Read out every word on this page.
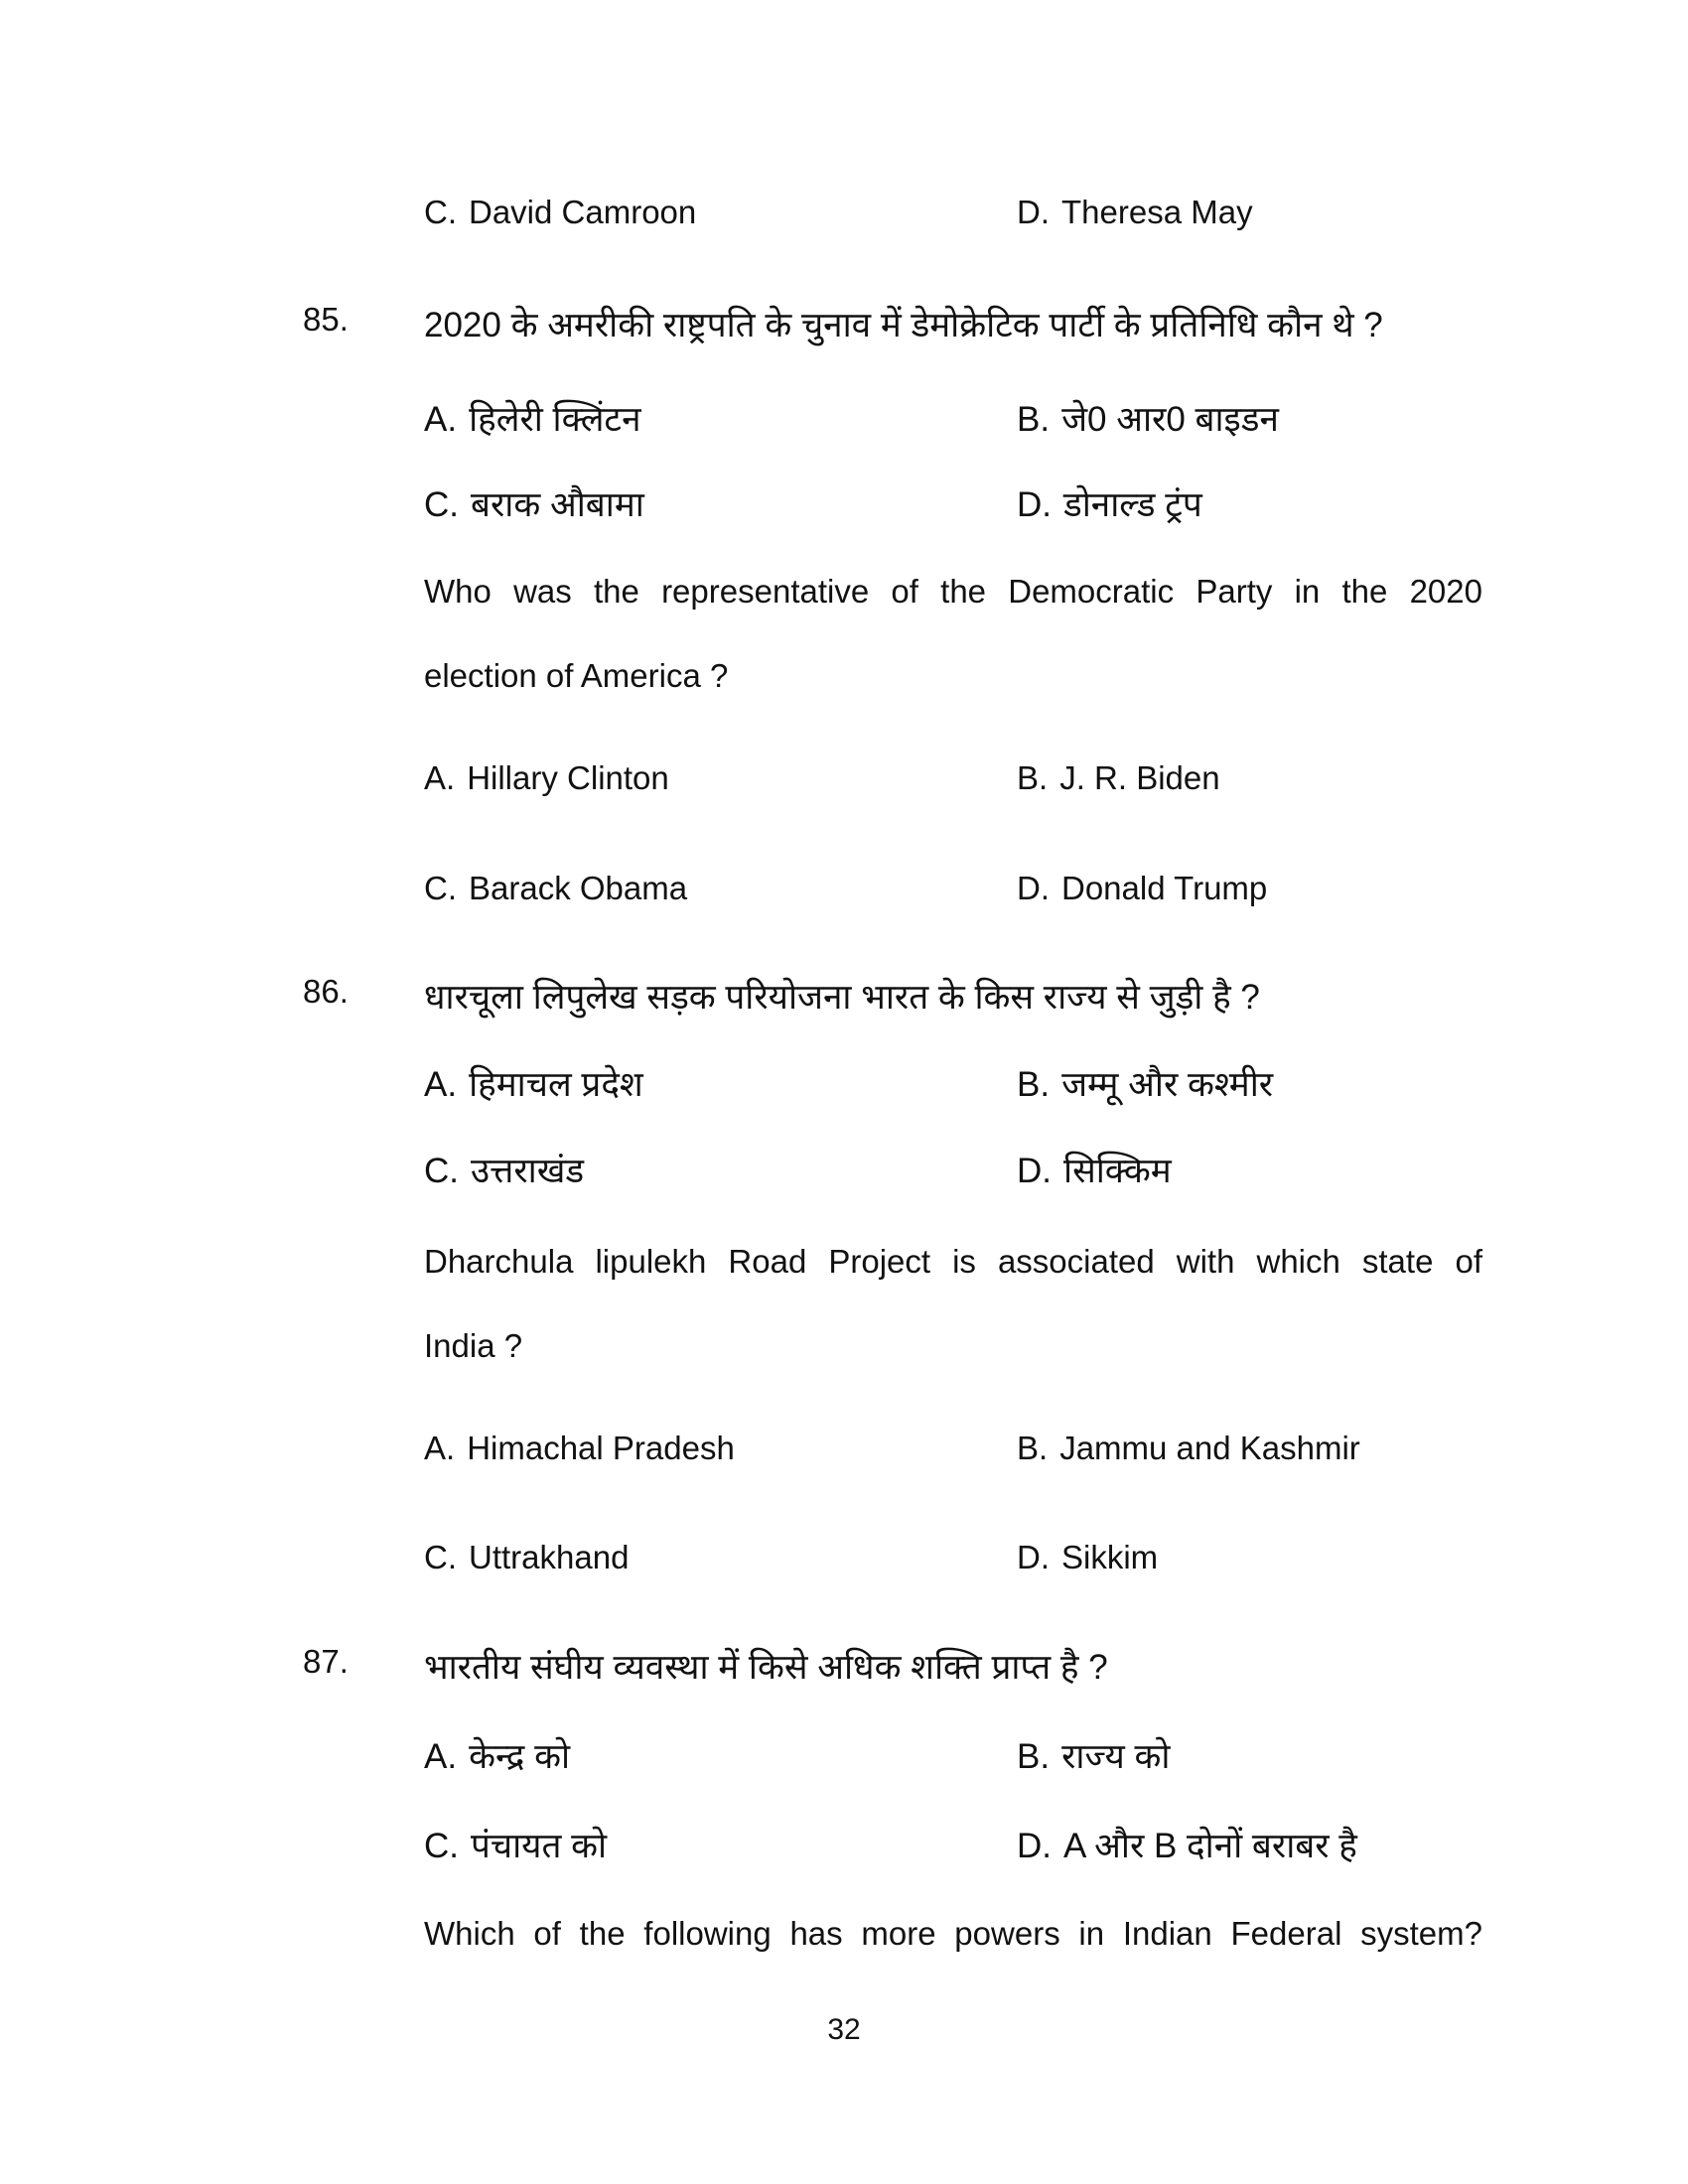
C. David Camroon	D. Theresa May
85. 2020 के अमरीकी राष्ट्रपति के चुनाव में डेमोक्रेटिक पार्टी के प्रतिनिधि कौन थे ?
A. हिलेरी क्लिंटन	B. जे0 आर0 बाइडन
C. बराक औबामा	D. डोनाल्ड ट्रंप
Who was the representative of the Democratic Party in the 2020
election of America ?
A. Hillary Clinton	B. J. R. Biden
C. Barack Obama	D. Donald Trump
86. धारचूला लिपुलेख सड़क परियोजना भारत के किस राज्य से जुड़ी है ?
A. हिमाचल प्रदेश	B. जम्मू और कश्मीर
C. उत्तराखंड	D. सिक्किम
Dharchula lipulekh Road Project is associated with which state of
India ?
A. Himachal Pradesh	B. Jammu and Kashmir
C. Uttrakhand	D. Sikkim
87. भारतीय संघीय व्यवस्था में किसे अधिक शक्ति प्राप्त है ?
A. केन्द्र को	B. राज्य को
C. पंचायत को	D. A और B दोनों बराबर है
Which of the following has more powers in Indian Federal system?
32
